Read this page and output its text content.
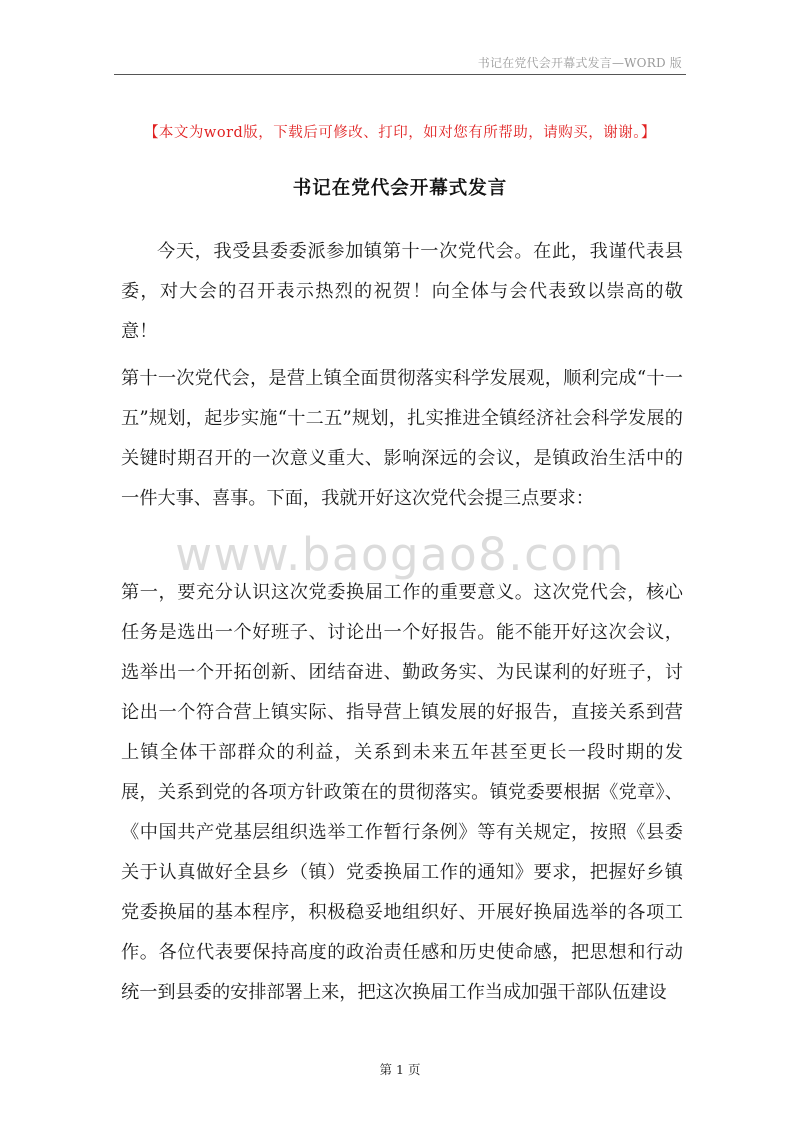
书记在党代会开幕式发言—WORD 版
【本文为word版，下载后可修改、打印，如对您有所帮助，请购买，谢谢。】
书记在党代会开幕式发言

今天，我受县委委派参加镇第十一次党代会。在此，我谨代表县委，对大会的召开表示热烈的祝贺！向全体与会代表致以崇高的敬意！

第十一次党代会，是营上镇全面贯彻落实科学发展观，顺利完成“十一五”规划，起步实施“十二五”规划，扎实推进全镇经济社会科学发展的关键时期召开的一次意义重大、影响深远的会议，是镇政治生活中的一件大事、喜事。下面，我就开好这次党代会提三点要求：

www.baogao8.com

第一，要充分认识这次党委换届工作的重要意义。这次党代会，核心任务是选出一个好班子、讨论出一个好报告。能不能开好这次会议，选举出一个开拓创新、团结奋进、勤政务实、为民谋利的好班子，讨论出一个符合营上镇实际、指导营上镇发展的好报告，直接关系到营上镇全体干部群众的利益，关系到未来五年甚至更长一段时期的发展，关系到党的各项方针政策在的贯彻落实。镇党委要根据《党章》、《中国共产党基层组织选举工作暂行条例》等有关规定，按照《县委关于认真做好全县乡（镇）党委换届工作的通知》要求，把握好乡镇党委换届的基本程序，积极稳妥地组织好、开展好换届选举的各项工作。各位代表要保持高度的政治责任感和历史使命感，把思想和行动统一到县委的安排部署上来，把这次换届工作当成加强干部队伍建设

第 1 页
